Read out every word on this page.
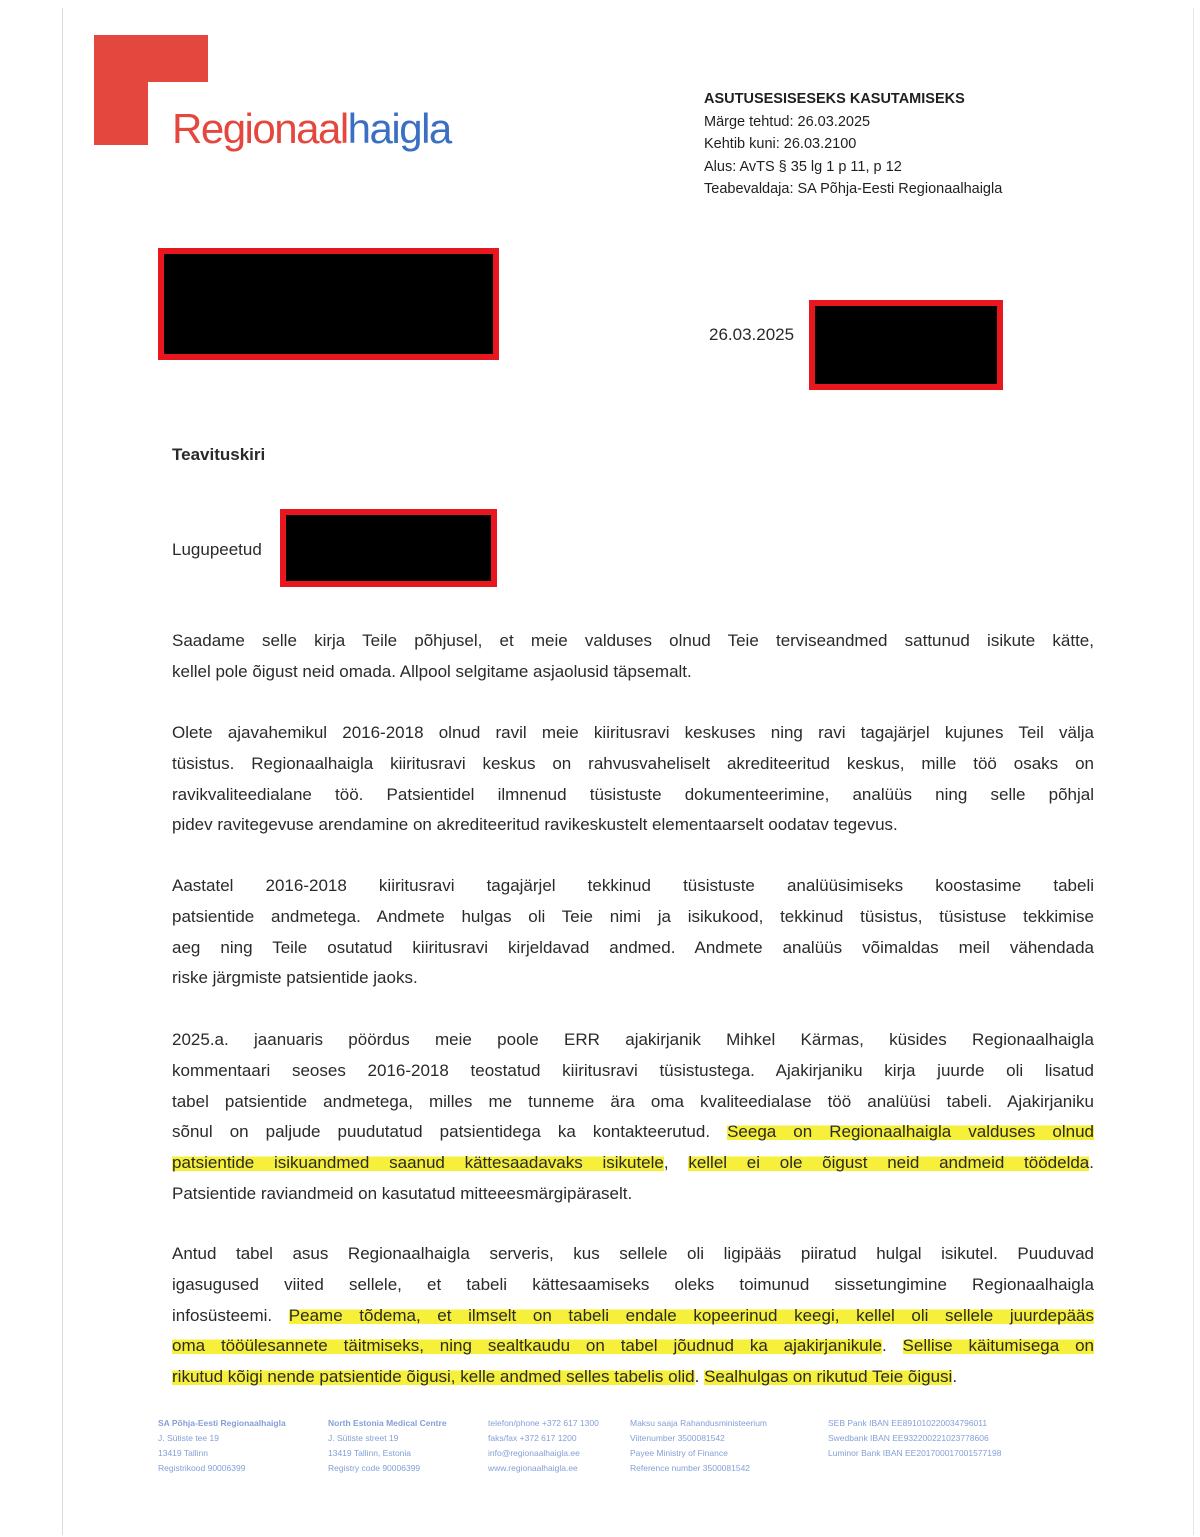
Regionaalhaigla
ASUTUSESISESEKS KASUTAMISEKS
Märge tehtud: 26.03.2025
Kehtib kuni: 26.03.2100
Alus: AvTS § 35 lg 1 p 11, p 12
Teabevaldaja: SA Põhja-Eesti Regionaalhaigla
26.03.2025
Teavituskiri
Lugupeetud
Saadame selle kirja Teile põhjusel, et meie valduses olnud Teie terviseandmed sattunud isikute kätte,
kellel pole õigust neid omada. Allpool selgitame asjaolusid täpsemalt.
Olete ajavahemikul 2016-2018 olnud ravil meie kiiritusravi keskuses ning ravi tagajärjel kujunes Teil välja
tüsistus. Regionaalhaigla kiiritusravi keskus on rahvusvaheliselt akrediteeritud keskus, mille töö osaks on
ravikvaliteedialane töö. Patsientidel ilmnenud tüsistuste dokumenteerimine, analüüs ning selle põhjal
pidev ravitegevuse arendamine on akrediteeritud ravikeskustelt elementaarselt oodatav tegevus.
Aastatel 2016-2018 kiiritusravi tagajärjel tekkinud tüsistuste analüüsimiseks koostasime tabeli
patsientide andmetega. Andmete hulgas oli Teie nimi ja isikukood, tekkinud tüsistus, tüsistuse tekkimise
aeg ning Teile osutatud kiiritusravi kirjeldavad andmed. Andmete analüüs võimaldas meil vähendada
riske järgmiste patsientide jaoks.
2025.a. jaanuaris pöördus meie poole ERR ajakirjanik Mihkel Kärmas, küsides Regionaalhaigla
kommentaari seoses 2016-2018 teostatud kiiritusravi tüsistustega. Ajakirjaniku kirja juurde oli lisatud
tabel patsientide andmetega, milles me tunneme ära oma kvaliteedialase töö analüüsi tabeli. Ajakirjaniku
sõnul on paljude puudutatud patsientidega ka kontakteerutud. Seega on Regionaalhaigla valduses olnud
patsientide isikuandmed saanud kättesaadavaks isikutele, kellel ei ole õigust neid andmeid töödelda.
Patsientide raviandmeid on kasutatud mitteeesmärgipäraselt.
Antud tabel asus Regionaalhaigla serveris, kus sellele oli ligipääs piiratud hulgal isikutel. Puuduvad
igasugused viited sellele, et tabeli kättesaamiseks oleks toimunud sissetungimine Regionaalhaigla
infosüsteemi. Peame tõdema, et ilmselt on tabeli endale kopeerinud keegi, kellel oli sellele juurdepääs
oma tööülesannete täitmiseks, ning sealtkaudu on tabel jõudnud ka ajakirjanikule. Sellise käitumisega on
rikutud kõigi nende patsientide õigusi, kelle andmed selles tabelis olid. Sealhulgas on rikutud Teie õigusi.
SA Põhja-Eesti Regionaalhaigla
J. Sütiste tee 19
13419 Tallinn
Registrikood 90006399
North Estonia Medical Centre
J. Sütiste street 19
13419 Tallinn, Estonia
Registry code 90006399
telefon/phone +372 617 1300
faks/fax +372 617 1200
info@regionaalhaigla.ee
www.regionaalhaigla.ee
Maksu saaja Rahandusministeerium
Viitenumber 3500081542
Payee Ministry of Finance
Reference number 3500081542
SEB Pank IBAN EE891010220034796011
Swedbank IBAN EE932200221023778606
Luminor Bank IBAN EE201700017001577198
